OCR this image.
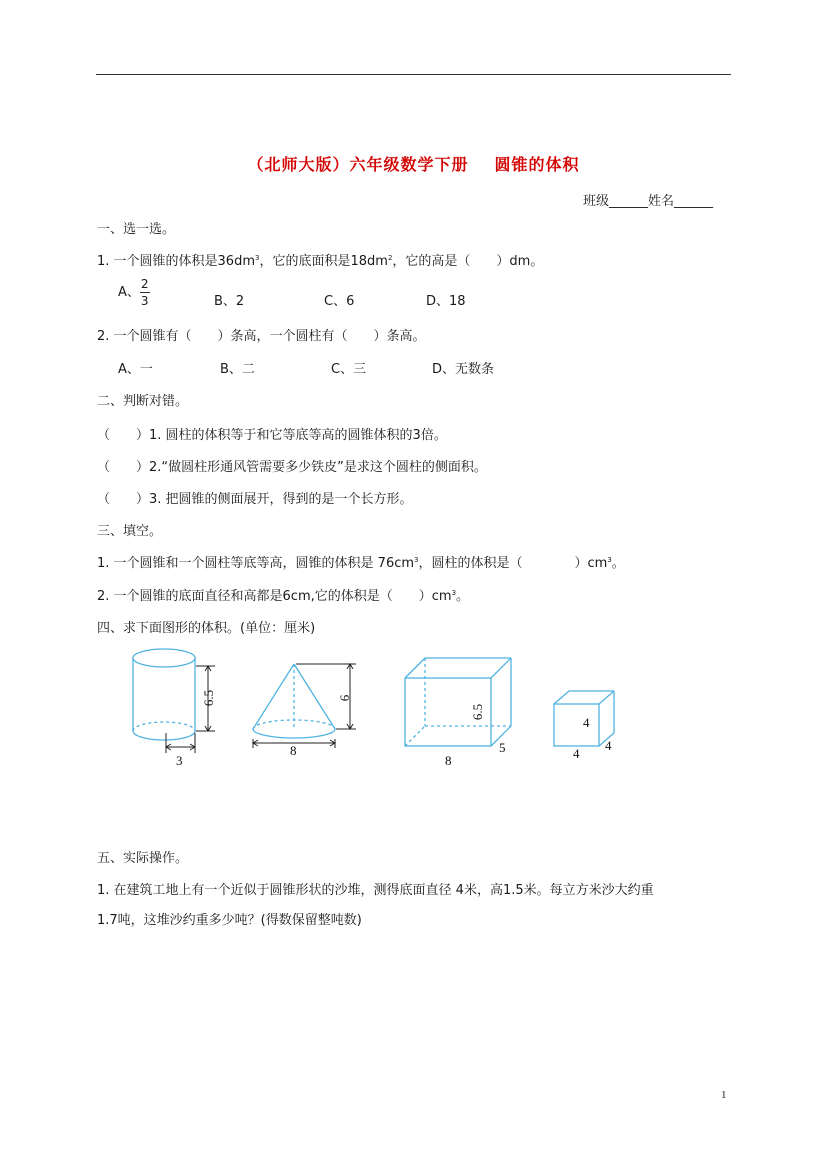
（北师大版）六年级数学下册 圆锥的体积
班级______姓名______
一、选一选。
1. 一个圆锥的体积是$36dm^3$，它的底面积是$18dm^2$，它的高是（　　）dm。
A、 $\frac{2}{3}$	B、2	C、6	D、18
2. 一个圆锥有（　　）条高，一个圆柱有（　　）条高。
A、一	B、二	C、三	D、无数条
二、判断对错。
（　　）1. 圆柱的体积等于和它等底等高的圆锥体积的3倍。
（　　）2.“做圆柱形通风管需要多少铁皮”是求这个圆柱的侧面积。
（　　）3. 把圆锥的侧面展开，得到的是一个长方形。
三、填空。
1. 一个圆锥和一个圆柱等底等高，圆锥的体积是 $76cm^3$，圆柱的体积是（　　　　）$cm^3$。
2. 一个圆锥的底面直径和高都是6cm,它的体积是（　　）$cm^3$。
四、求下面图形的体积。(单位：厘米)
6.5
3
6
8
6.5
8
5
4
4
4
五、实际操作。
1. 在建筑工地上有一个近似于圆锥形状的沙堆，测得底面直径 4米，高1.5米。每立方米沙大约重
1.7吨，这堆沙约重多少吨？(得数保留整吨数)
1
